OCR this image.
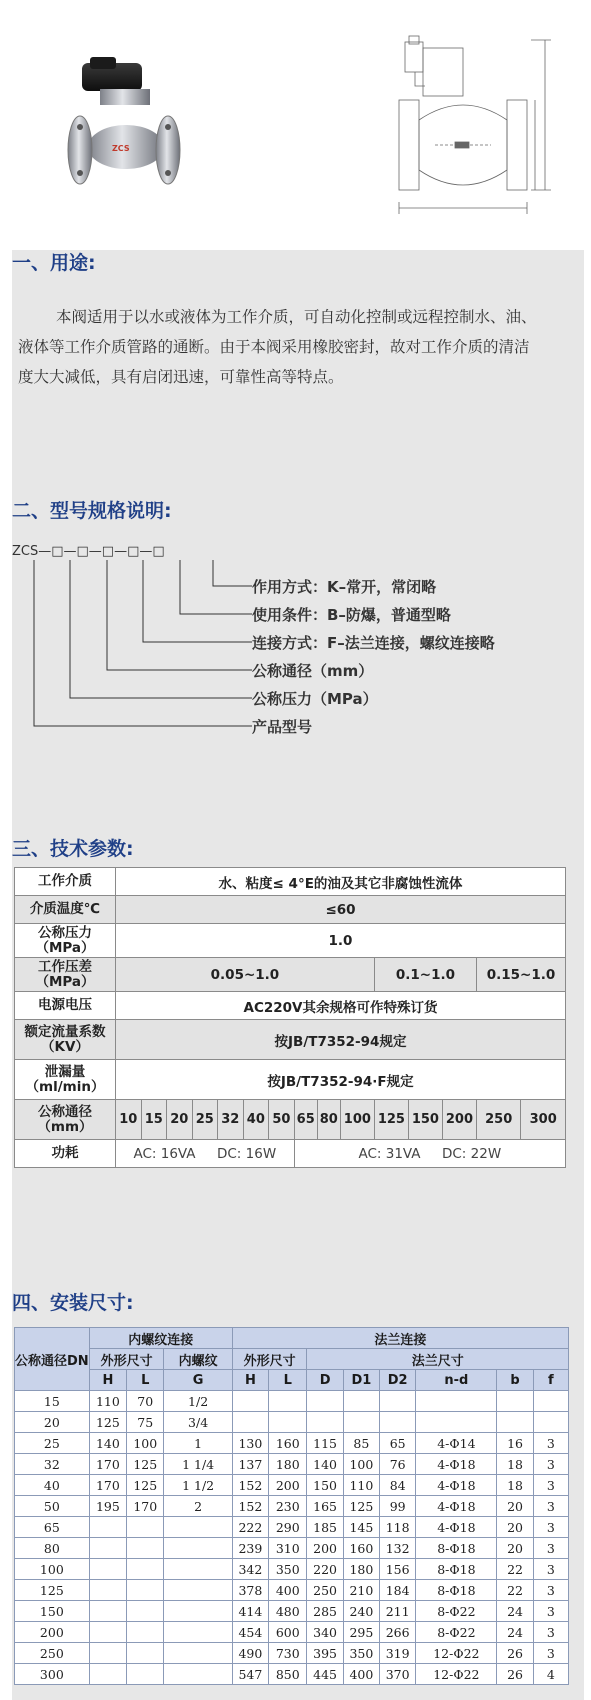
ZCS
一、用途:
本阀适用于以水或液体为工作介质，可自动化控制或远程控制水、油、液体等工作介质管路的通断。由于本阀采用橡胶密封，故对工作介质的清洁度大大减低，具有启闭迅速，可靠性高等特点。
二、型号规格说明:
ZCS—□—□—□—□—□
作用方式：K–常开，常闭略
使用条件：B–防爆，普通型略
连接方式：F–法兰连接，螺纹连接略
公称通径（mm）
公称压力（MPa）
产品型号
三、技术参数:
工作介质	水、粘度≤ 4°E的油及其它非腐蚀性流体														
介质温度℃	≤60														
公称压力（MPa）	1.0														
工作压差（MPa）	0.05~1.0										0.1~1.0			0.15~1.0	
电源电压	AC220V其余规格可作特殊订货														
额定流量系数（KV）	按JB/T7352-94规定														
泄漏量（ml/min）	按JB/T7352-94·F规定														
公称通径（mm）	10	15	20	25	32	40	50	65	80	100	125	150	200	250	300
功耗	AC: 16VA     DC: 16W							AC: 31VA     DC: 22W							
四、安装尺寸:
公称通径DN	内螺纹连接			法兰连接							
	外形尺寸		内螺纹	外形尺寸		法兰尺寸					
	H	L	G	H	L	D	D1	D2	n-d	b	f
15	110	70	1/2								
20	125	75	3/4								
25	140	100	1	130	160	115	85	65	4-Φ14	16	3
32	170	125	1 1/4	137	180	140	100	76	4-Φ18	18	3
40	170	125	1 1/2	152	200	150	110	84	4-Φ18	18	3
50	195	170	2	152	230	165	125	99	4-Φ18	20	3
65				222	290	185	145	118	4-Φ18	20	3
80				239	310	200	160	132	8-Φ18	20	3
100				342	350	220	180	156	8-Φ18	22	3
125				378	400	250	210	184	8-Φ18	22	3
150				414	480	285	240	211	8-Φ22	24	3
200				454	600	340	295	266	8-Φ22	24	3
250				490	730	395	350	319	12-Φ22	26	3
300				547	850	445	400	370	12-Φ22	26	4
